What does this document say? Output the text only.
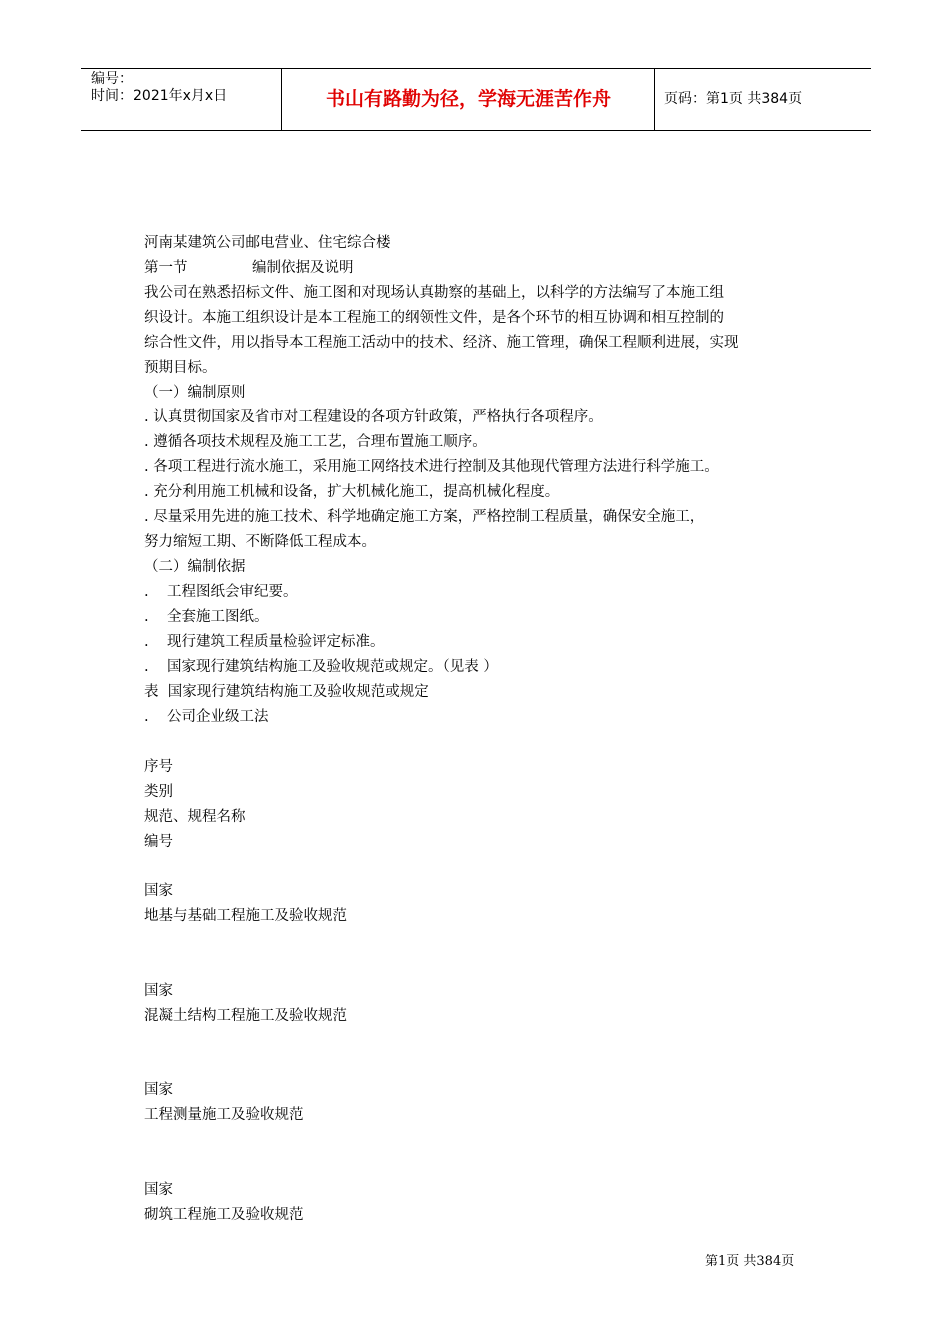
编号：
时间：2021年x月x日	书山有路勤为径，学海无涯苦作舟	页码：第1页 共384页

河南某建筑公司邮电营业、住宅综合楼

第一节              编制依据及说明

我公司在熟悉招标文件、施工图和对现场认真勘察的基础上，以科学的方法编写了本施工组

织设计。本施工组织设计是本工程施工的纲领性文件，是各个环节的相互协调和相互控制的

综合性文件，用以指导本工程施工活动中的技术、经济、施工管理，确保工程顺利进展，实现

预期目标。

（一）编制原则

. 认真贯彻国家及省市对工程建设的各项方针政策，严格执行各项程序。

. 遵循各项技术规程及施工工艺，合理布置施工顺序。

. 各项工程进行流水施工，采用施工网络技术进行控制及其他现代管理方法进行科学施工。

. 充分利用施工机械和设备，扩大机械化施工，提高机械化程度。

. 尽量采用先进的施工技术、科学地确定施工方案，严格控制工程质量，确保安全施工，

努力缩短工期、不断降低工程成本。

（二）编制依据

.    工程图纸会审纪要。

.    全套施工图纸。

.    现行建筑工程质量检验评定标准。

.    国家现行建筑结构施工及验收规范或规定。（见表 ）

表  国家现行建筑结构施工及验收规范或规定

.    公司企业级工法

序号

类别

规范、规程名称

编号

国家

地基与基础工程施工及验收规范

国家

混凝土结构工程施工及验收规范

国家

工程测量施工及验收规范

国家

砌筑工程施工及验收规范

第1页 共384页
